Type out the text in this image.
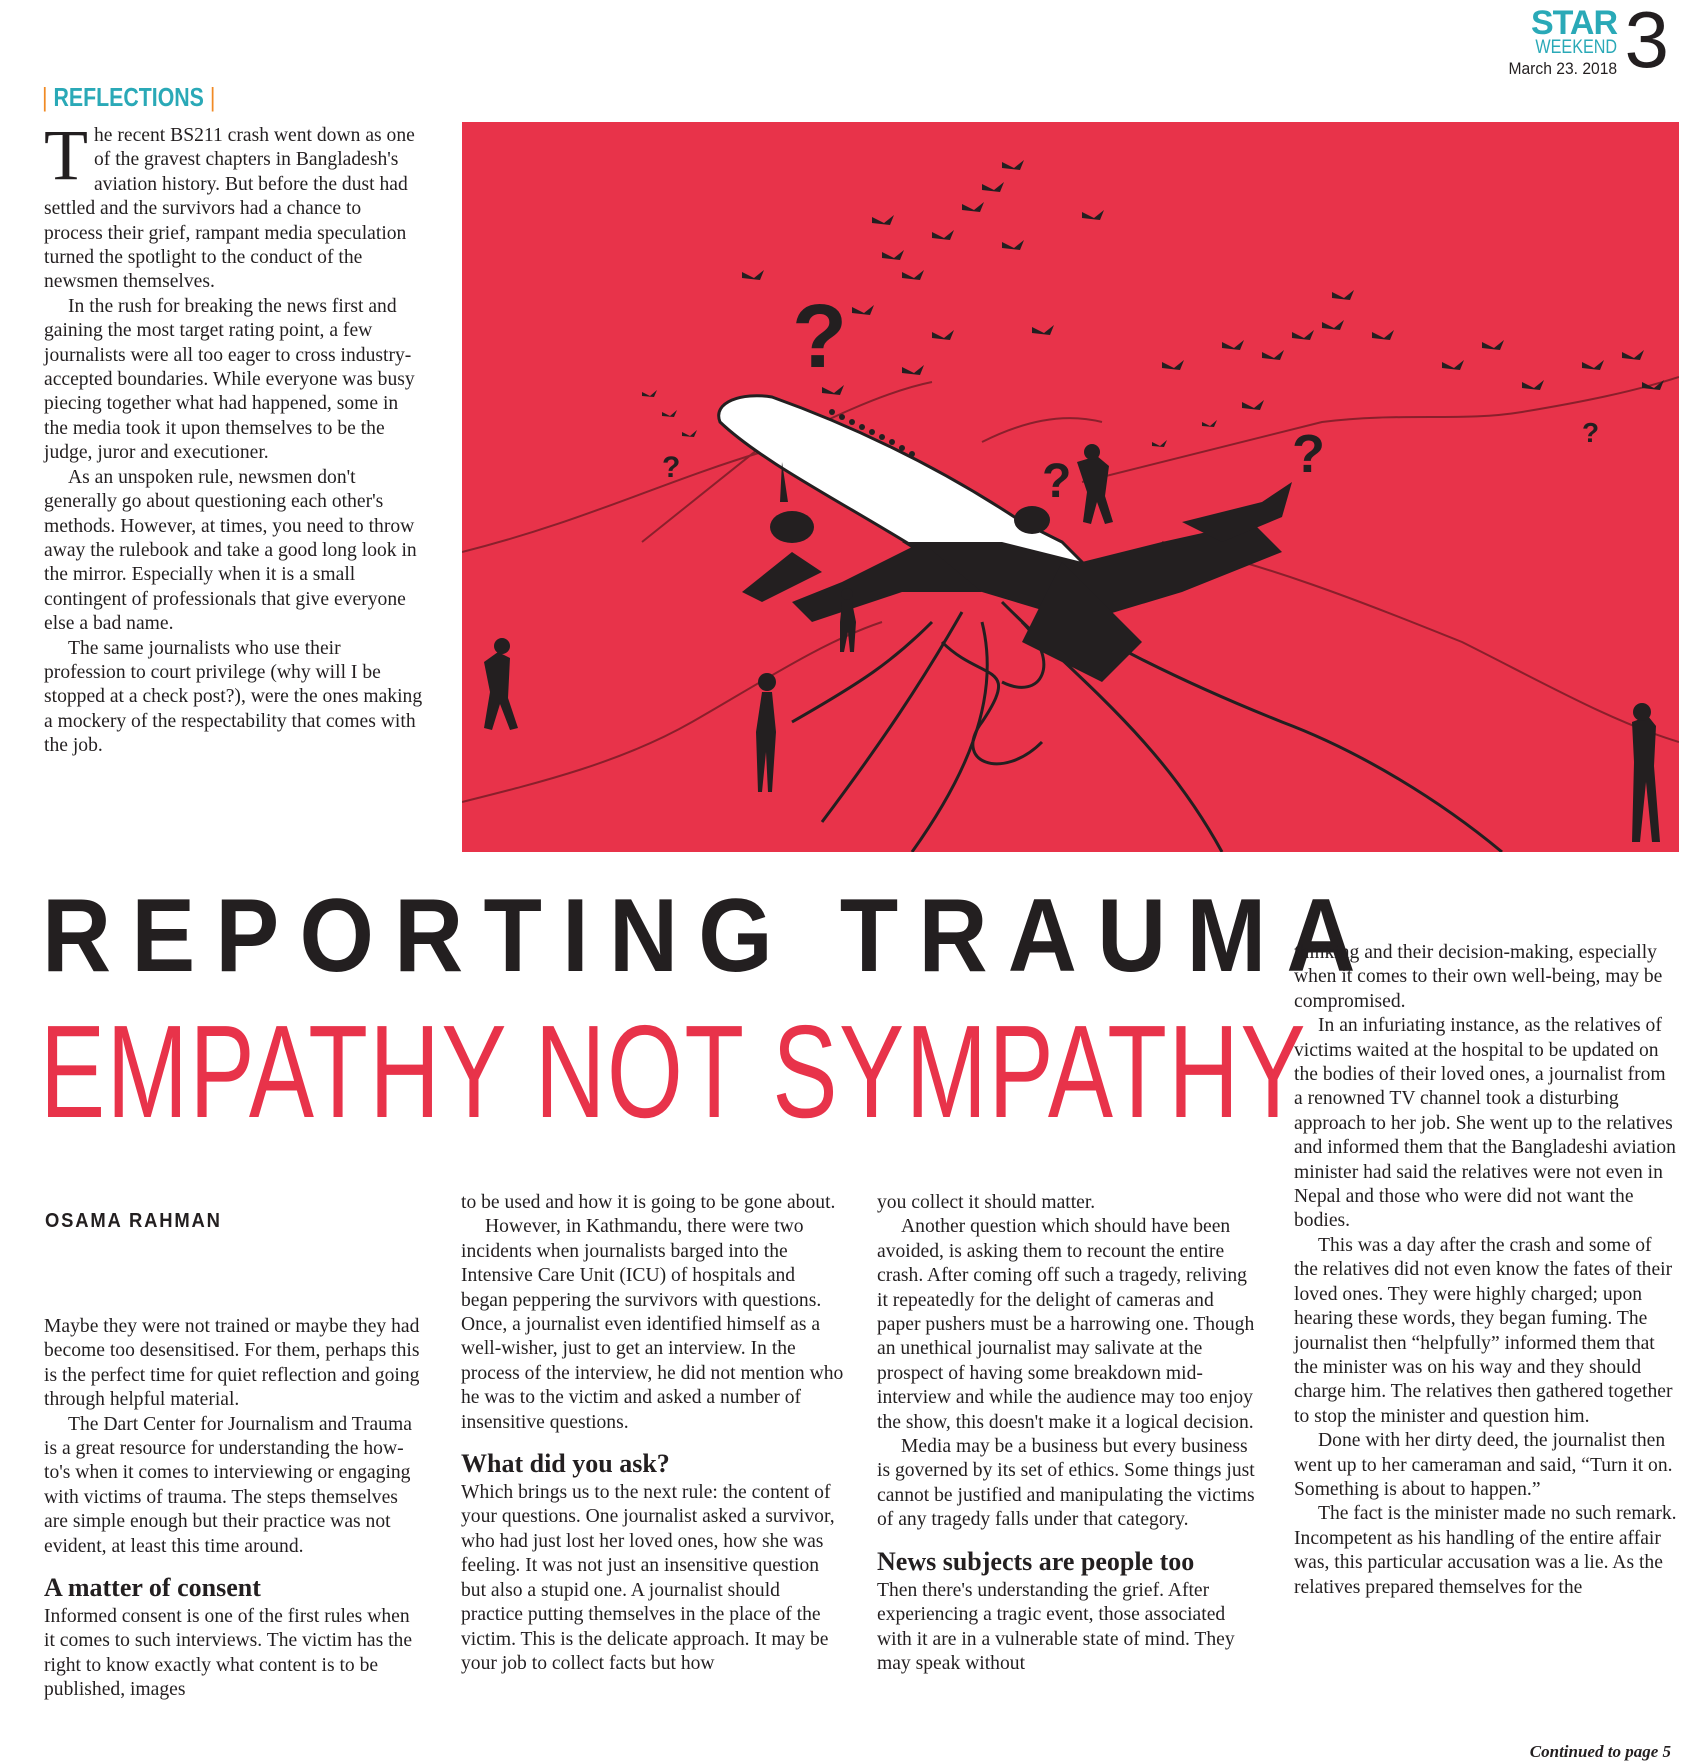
STAR
WEEKEND
March 23. 2018 3
| REFLECTIONS |

The recent BS211 crash went down as one of the gravest chapters in Bangladesh's aviation history. But before the dust had settled and the survivors had a chance to process their grief, rampant media speculation turned the spotlight to the conduct of the newsmen themselves.

In the rush for breaking the news first and gaining the most target rating point, a few journalists were all too eager to cross industry-accepted boundaries. While everyone was busy piecing together what had happened, some in the media took it upon themselves to be the judge, juror and executioner.

As an unspoken rule, newsmen don't generally go about questioning each other's methods. However, at times, you need to throw away the rulebook and take a good long look in the mirror. Especially when it is a small contingent of professionals that give everyone else a bad name.

The same journalists who use their profession to court privilege (why will I be stopped at a check post?), were the ones making a mockery of the respectability that comes with the job.

?
?	?
?
?
REPORTING TRAUMA
EMPATHY NOT SYMPATHY
OSAMA RAHMAN

Maybe they were not trained or maybe they had become too desensitised. For them, perhaps this is the perfect time for quiet reflection and going through helpful material.

The Dart Center for Journalism and Trauma is a great resource for understanding the how-to's when it comes to interviewing or engaging with victims of trauma. The steps themselves are simple enough but their practice was not evident, at least this time around.

A matter of consent

Informed consent is one of the first rules when it comes to such interviews. The victim has the right to know exactly what content is to be published, images

to be used and how it is going to be gone about.

However, in Kathmandu, there were two incidents when journalists barged into the Intensive Care Unit (ICU) of hospitals and began peppering the survivors with questions. Once, a journalist even identified himself as a well-wisher, just to get an interview. In the process of the interview, he did not mention who he was to the victim and asked a number of insensitive questions.

What did you ask?

Which brings us to the next rule: the content of your questions. One journalist asked a survivor, who had just lost her loved ones, how she was feeling. It was not just an insensitive question but also a stupid one. A journalist should practice putting themselves in the place of the victim. This is the delicate approach. It may be your job to collect facts but how

you collect it should matter.

Another question which should have been avoided, is asking them to recount the entire crash. After coming off such a tragedy, reliving it repeatedly for the delight of cameras and paper pushers must be a harrowing one. Though an unethical journalist may salivate at the prospect of having some breakdown mid-interview and while the audience may too enjoy the show, this doesn't make it a logical decision.

Media may be a business but every business is governed by its set of ethics. Some things just cannot be justified and manipulating the victims of any tragedy falls under that category.

News subjects are people too

Then there's understanding the grief. After experiencing a tragic event, those associated with it are in a vulnerable state of mind. They may speak without

thinking and their decision-making, especially when it comes to their own well-being, may be compromised.

In an infuriating instance, as the relatives of victims waited at the hospital to be updated on the bodies of their loved ones, a journalist from a renowned TV channel took a disturbing approach to her job. She went up to the relatives and informed them that the Bangladeshi aviation minister had said the relatives were not even in Nepal and those who were did not want the bodies.

This was a day after the crash and some of the relatives did not even know the fates of their loved ones. They were highly charged; upon hearing these words, they began fuming. The journalist then “helpfully” informed them that the minister was on his way and they should charge him. The relatives then gathered together to stop the minister and question him.

Done with her dirty deed, the journalist then went up to her cameraman and said, “Turn it on. Something is about to happen.”

The fact is the minister made no such remark. Incompetent as his handling of the entire affair was, this particular accusation was a lie. As the relatives prepared themselves for the

Continued to page 5
